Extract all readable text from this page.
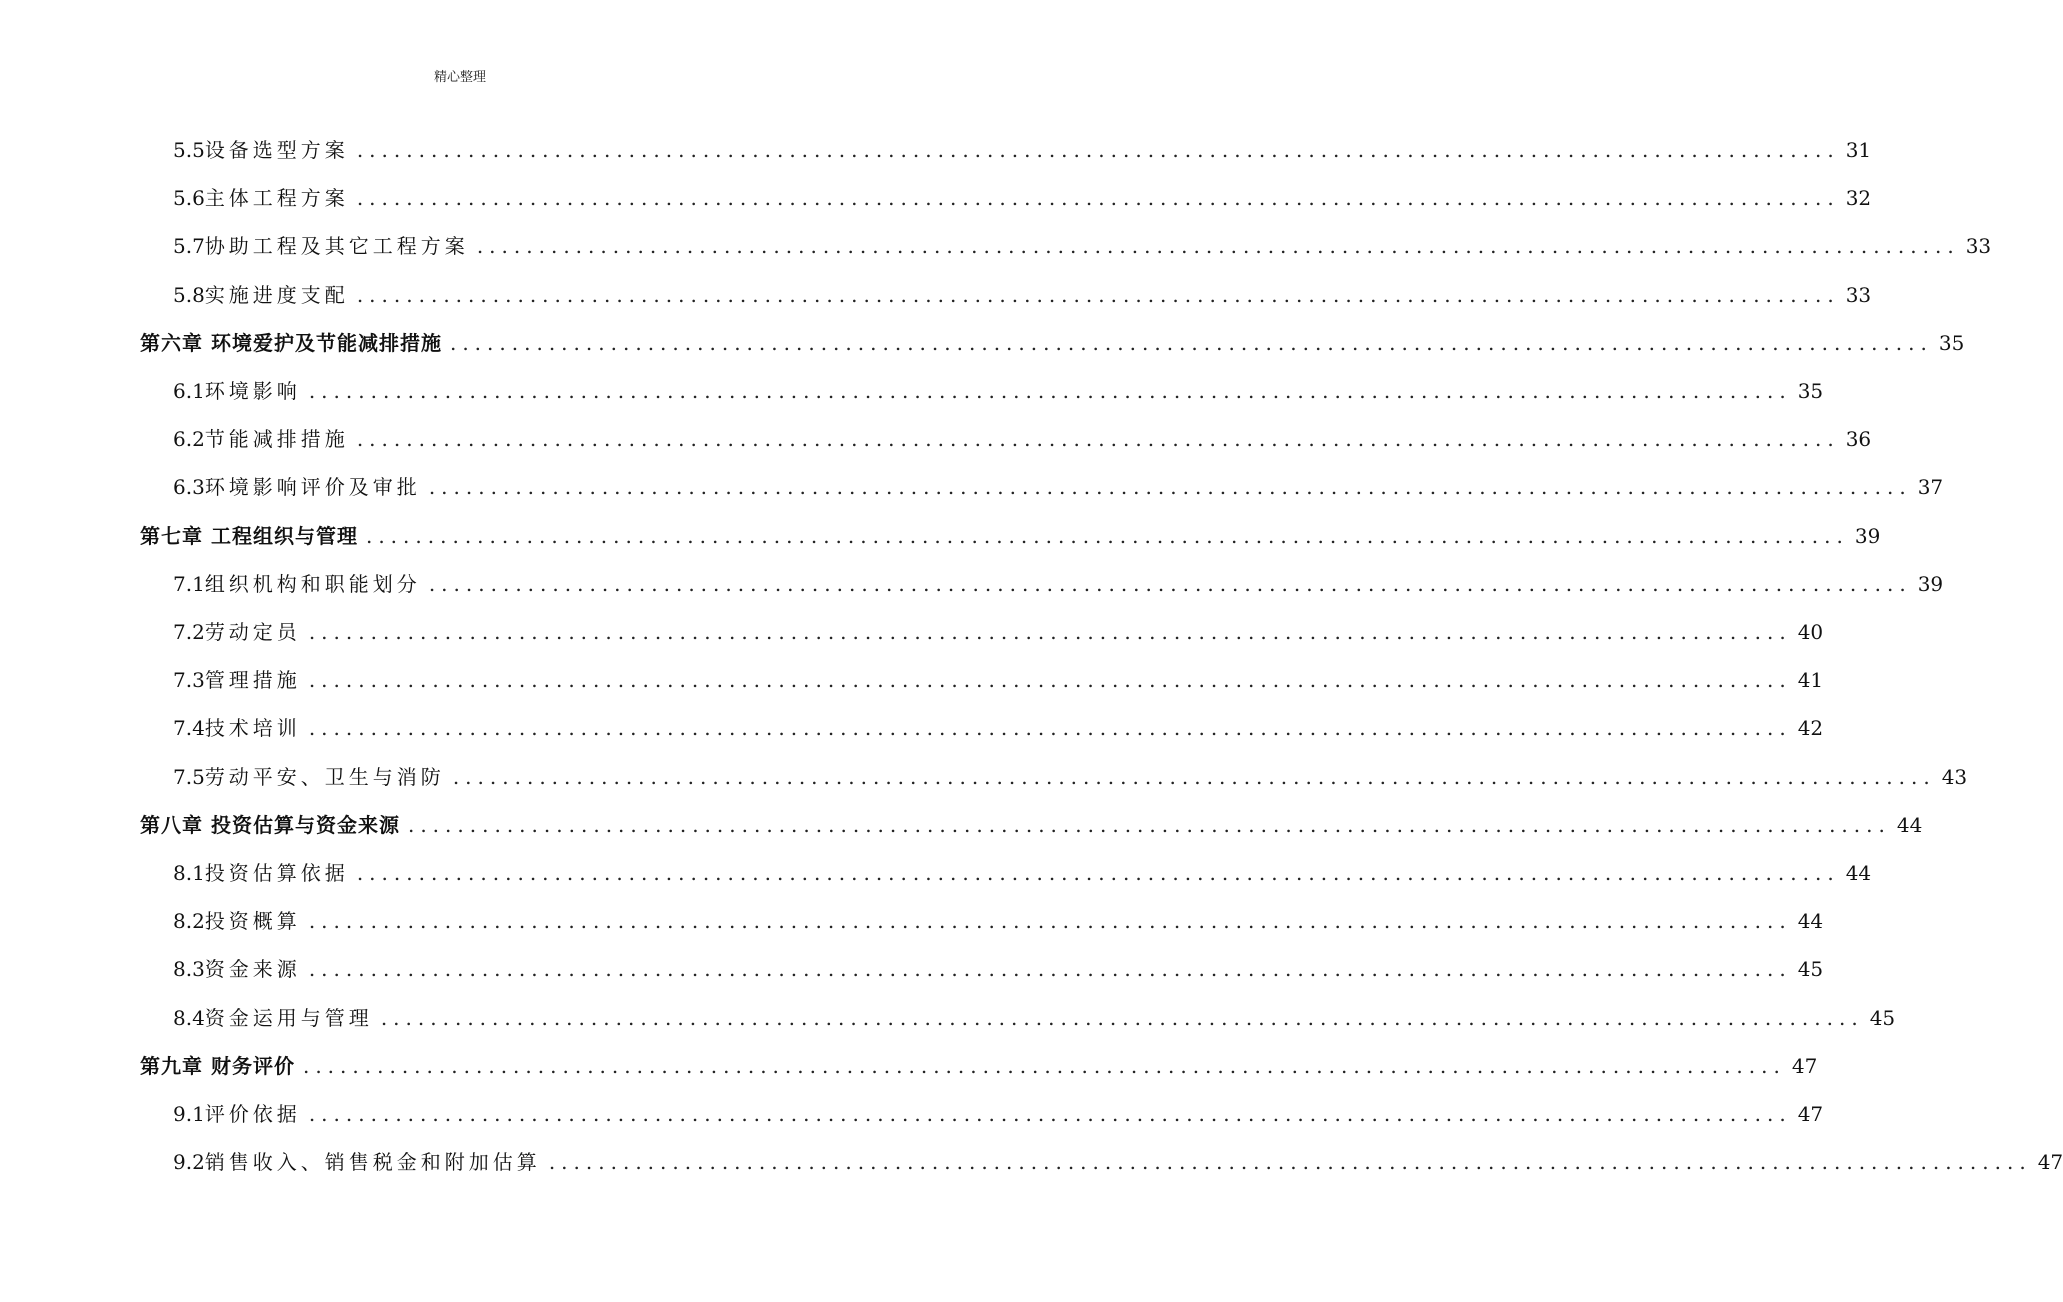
精心整理
5.5设备选型方案 ........................................................................................................................ 31
5.6主体工程方案 ........................................................................................................................ 32
5.7协助工程及其它工程方案 ........................................................................................................................ 33
5.8实施进度支配 ........................................................................................................................ 33
第六章 环境爱护及节能减排措施 ........................................................................................................................ 35
6.1环境影响 ........................................................................................................................ 35
6.2节能减排措施 ........................................................................................................................ 36
6.3环境影响评价及审批 ........................................................................................................................ 37
第七章 工程组织与管理 ........................................................................................................................ 39
7.1组织机构和职能划分 ........................................................................................................................ 39
7.2劳动定员 ........................................................................................................................ 40
7.3管理措施 ........................................................................................................................ 41
7.4技术培训 ........................................................................................................................ 42
7.5劳动平安、卫生与消防 ........................................................................................................................ 43
第八章 投资估算与资金来源 ........................................................................................................................ 44
8.1投资估算依据 ........................................................................................................................ 44
8.2投资概算 ........................................................................................................................ 44
8.3资金来源 ........................................................................................................................ 45
8.4资金运用与管理 ........................................................................................................................ 45
第九章 财务评价 ........................................................................................................................ 47
9.1评价依据 ........................................................................................................................ 47
9.2销售收入、销售税金和附加估算 ........................................................................................................................ 47
